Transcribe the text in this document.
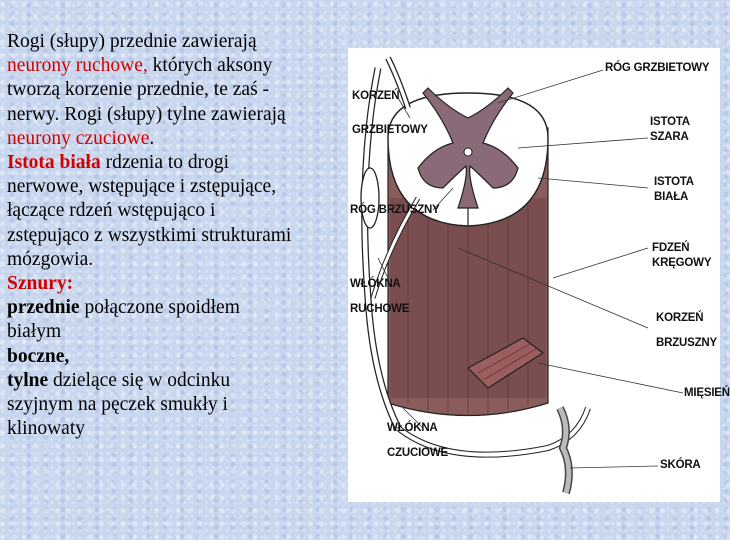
Rogi (słupy) przednie zawierają
neurony ruchowe, których aksony
tworzą korzenie przednie, te zaś -
nerwy. Rogi (słupy) tylne zawierają
neurony czuciowe.
Istota biała rdzenia to drogi
nerwowe, wstępujące i zstępujące,
łączące rdzeń wstępująco i
zstępująco z wszystkimi strukturami
mózgowia.
Sznury:
przednie połączone spoidłem
białym
boczne,
tylne dzielące się w odcinku
szyjnym na pęczek smukły i
klinowaty
RÓG GRZBIETOWY
KORZEŃ
GRZBIETOWY
ISTOTA
SZARA
ISTOTA
BIAŁA
RÓG BRZUSZNY
FDZEŃ
KRĘGOWY
WŁÓKNA
RUCHOWE
KORZEŃ
BRZUSZNY
MIĘSIEŃ
WŁÓKNA
CZUCIOWE
SKÓRA
